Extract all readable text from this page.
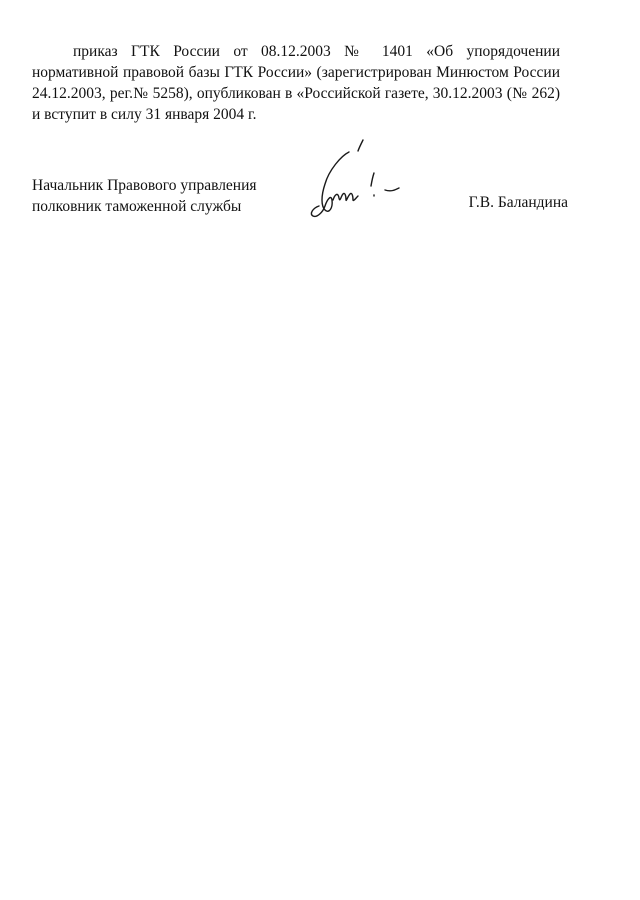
приказ ГТК России от 08.12.2003 № 1401 «Об упорядочении нормативной правовой базы ГТК России» (зарегистрирован Минюстом России 24.12.2003, рег.№ 5258), опубликован в «Российской газете, 30.12.2003 (№ 262) и вступит в силу 31 января 2004 г.

Начальник Правового управления
полковник таможенной службы	Г.В. Баландина
